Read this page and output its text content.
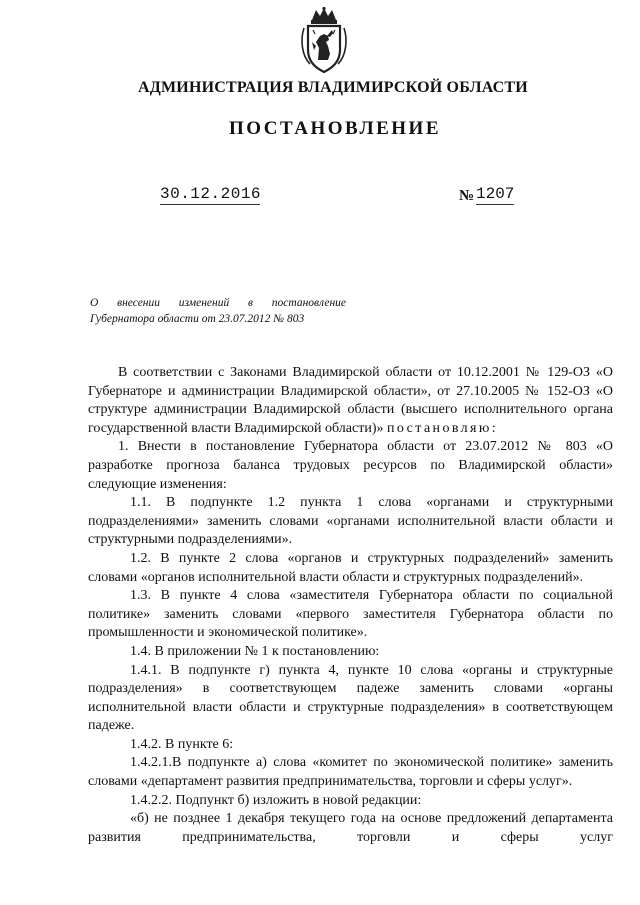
АДМИНИСТРАЦИЯ ВЛАДИМИРСКОЙ ОБЛАСТИ
ПОСТАНОВЛЕНИЕ
30.12.2016	№ 1207
О внесении изменений в постановление
Губернатора области от 23.07.2012 № 803

В соответствии с Законами Владимирской области от 10.12.2001 № 129-ОЗ «О Губернаторе и администрации Владимирской области», от 27.10.2005 № 152-ОЗ «О структуре администрации Владимирской области (высшего исполнительного органа государственной власти Владимирской области)» постановляю:

1. Внести в постановление Губернатора области от 23.07.2012 № 803 «О разработке прогноза баланса трудовых ресурсов по Владимирской области» следующие изменения:

1.1. В подпункте 1.2 пункта 1 слова «органами и структурными подразделениями» заменить словами «органами исполнительной власти области и структурными подразделениями».

1.2. В пункте 2 слова «органов и структурных подразделений» заменить словами «органов исполнительной власти области и структурных подразделений».

1.3. В пункте 4 слова «заместителя Губернатора области по социальной политике» заменить словами «первого заместителя Губернатора области по промышленности и экономической политике».

1.4. В приложении № 1 к постановлению:

1.4.1. В подпункте г) пункта 4, пункте 10 слова «органы и структурные подразделения» в соответствующем падеже заменить словами «органы исполнительной власти области и структурные подразделения» в соответствующем падеже.

1.4.2. В пункте 6:

1.4.2.1.В подпункте а) слова «комитет по экономической политике» заменить словами «департамент развития предпринимательства, торговли и сферы услуг».

1.4.2.2. Подпункт б) изложить в новой редакции:

«б) не позднее 1 декабря текущего года на основе предложений департамента развития предпринимательства, торговли и сферы услуг
